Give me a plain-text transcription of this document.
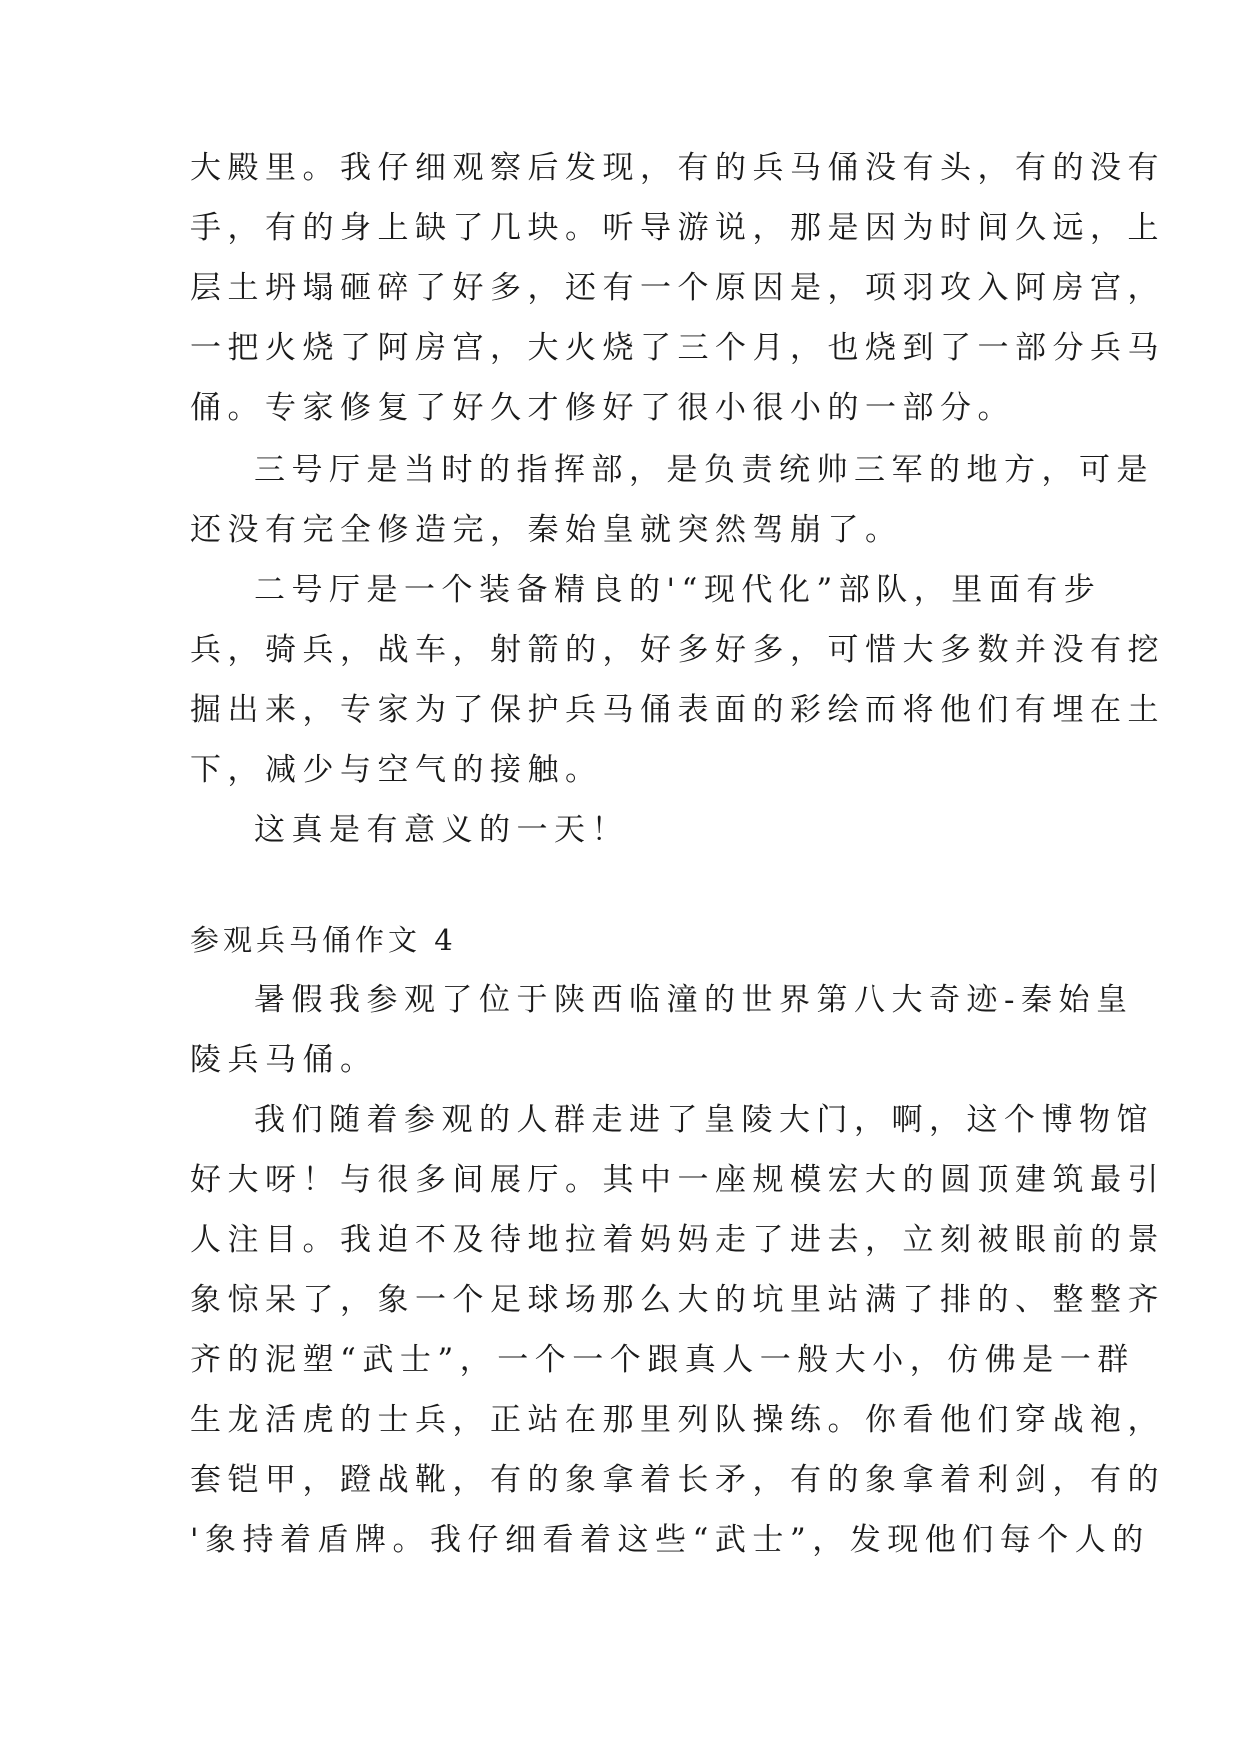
大殿里。我仔细观察后发现，有的兵马俑没有头，有的没有
手，有的身上缺了几块。听导游说，那是因为时间久远，上
层土坍塌砸碎了好多，还有一个原因是，项羽攻入阿房宫，
一把火烧了阿房宫，大火烧了三个月，也烧到了一部分兵马
俑。专家修复了好久才修好了很小很小的一部分。
三号厅是当时的指挥部，是负责统帅三军的地方，可是
还没有完全修造完，秦始皇就突然驾崩了。
二号厅是一个装备精良的'“现代化”部队，里面有步
兵，骑兵，战车，射箭的，好多好多，可惜大多数并没有挖
掘出来，专家为了保护兵马俑表面的彩绘而将他们有埋在土
下，减少与空气的接触。
这真是有意义的一天！
参观兵马俑作文 4
暑假我参观了位于陕西临潼的世界第八大奇迹-秦始皇
陵兵马俑。
我们随着参观的人群走进了皇陵大门，啊，这个博物馆
好大呀！与很多间展厅。其中一座规模宏大的圆顶建筑最引
人注目。我迫不及待地拉着妈妈走了进去，立刻被眼前的景
象惊呆了，象一个足球场那么大的坑里站满了排的、整整齐
齐的泥塑“武士”，一个一个跟真人一般大小，仿佛是一群
生龙活虎的士兵，正站在那里列队操练。你看他们穿战袍，
套铠甲，蹬战靴，有的象拿着长矛，有的象拿着利剑，有的
'象持着盾牌。我仔细看着这些“武士”，发现他们每个人的
